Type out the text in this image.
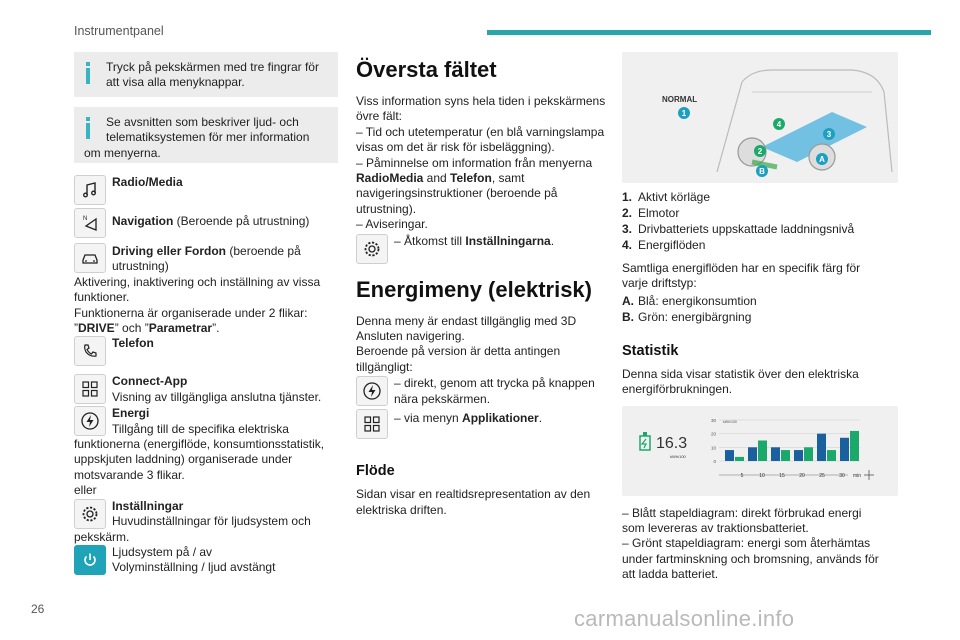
Instrumentpanel
Tryck på pekskärmen med tre fingrar för att visa alla menyknappar.
Se avsnitten som beskriver ljud- och
telematiksystemen för mer information
om menyerna.
Radio/Media
N Navigation (Beroende på utrustning)
Driving eller Fordon (beroende på
utrustning)

Aktivering, inaktivering och inställning av vissa

funktioner.

Funktionerna är organiserade under 2 flikar:

”DRIVE” och ”Parametrar”.

Telefon
Connect-App
Visning av tillgängliga anslutna tjänster.
Energi
Tillgång till de specifika elektriska

funktionerna (energiflöde, konsumtionsstatistik,

uppskjuten laddning) organiserade under

motsvarande 3 flikar.

eller

Inställningar
Huvudinställningar för ljudsystem och

pekskärm.

Ljudsystem på / av
Volyminställning / ljud avstängt
Översta fältet

Viss information syns hela tiden i pekskärmens övre fält:

– Tid och utetemperatur (en blå varningslampa visas om det är risk för isbeläggning).

– Påminnelse om information från menyerna RadioMedia and Telefon, samt navigeringsinstruktioner (beroende på utrustning).

– Aviseringar.

– Åtkomst till Inställningarna.
Energimeny (elektrisk)

Denna meny är endast tillgänglig med 3D Ansluten navigering.

Beroende på version är detta antingen tillgängligt:

– direkt, genom att trycka på knappen nära pekskärmen.
– via menyn Applikationer.
Flöde

Sidan visar en realtidsrepresentation av den elektriska driften.

NORMAL
1
2
3
4
A
B
1. Aktivt körläge
2. Elmotor
3. Drivbatteriets uppskattade laddningsnivå
4. Energiflöden

Samtliga energiflöden har en specifik färg för varje driftstyp:

A. Blå: energikonsumtion
B. Grön: energibärgning
Statistik

Denna sida visar statistik över den elektriska energiförbrukningen.

16.3
kWh/100
0
10
20
30 kWh/100
5	10	15	20	25	30 min

– Blått stapeldiagram: direkt förbrukad energi som levereras av traktionsbatteriet.

– Grönt stapeldiagram: energi som återhämtas under fartminskning och bromsning, används för att ladda batteriet.

26	carmanualsonline.info
